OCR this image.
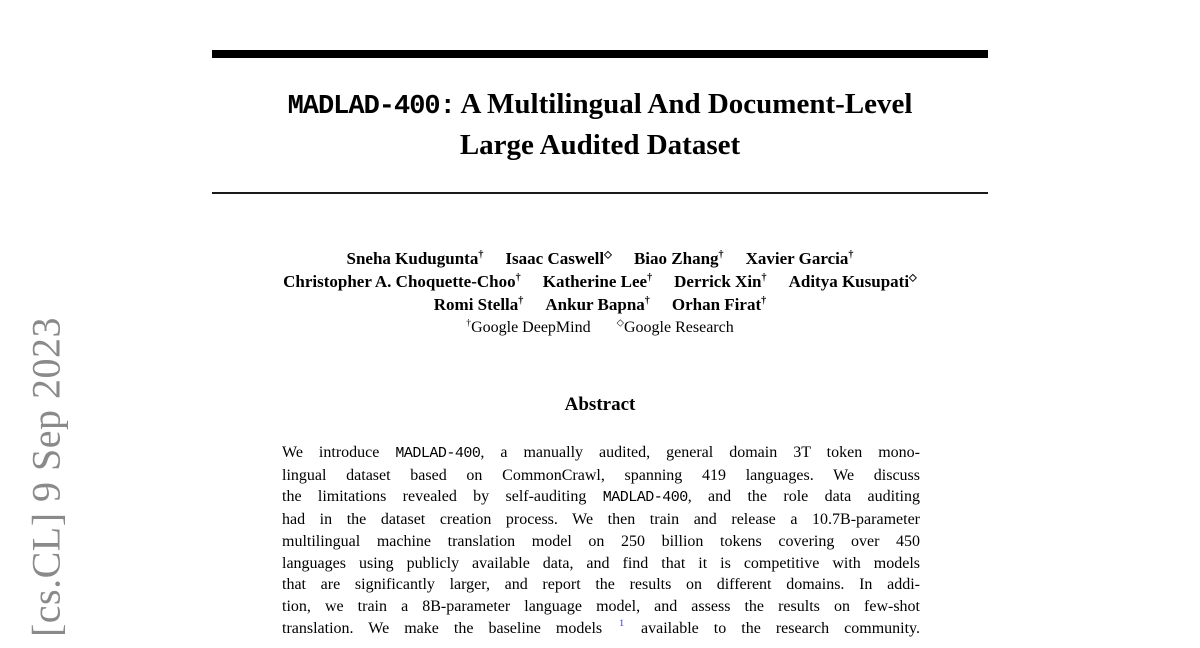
[cs.CL] 9 Sep 2023
MADLAD-400: A Multilingual And Document-Level
Large Audited Dataset
Sneha Kudugunta† Isaac Caswell◇ Biao Zhang† Xavier Garcia†
Christopher A. Choquette-Choo† Katherine Lee† Derrick Xin† Aditya Kusupati◇
Romi Stella† Ankur Bapna† Orhan Firat†
†Google DeepMind	◇Google Research
Abstract
We introduce MADLAD-400, a manually audited, general domain 3T token mono-
lingual dataset based on CommonCrawl, spanning 419 languages. We discuss
the limitations revealed by self-auditing MADLAD-400, and the role data auditing
had in the dataset creation process. We then train and release a 10.7B-parameter
multilingual machine translation model on 250 billion tokens covering over 450
languages using publicly available data, and find that it is competitive with models
that are significantly larger, and report the results on different domains. In addi-
tion, we train a 8B-parameter language model, and assess the results on few-shot
translation. We make the baseline models $^1$ available to the research community.
